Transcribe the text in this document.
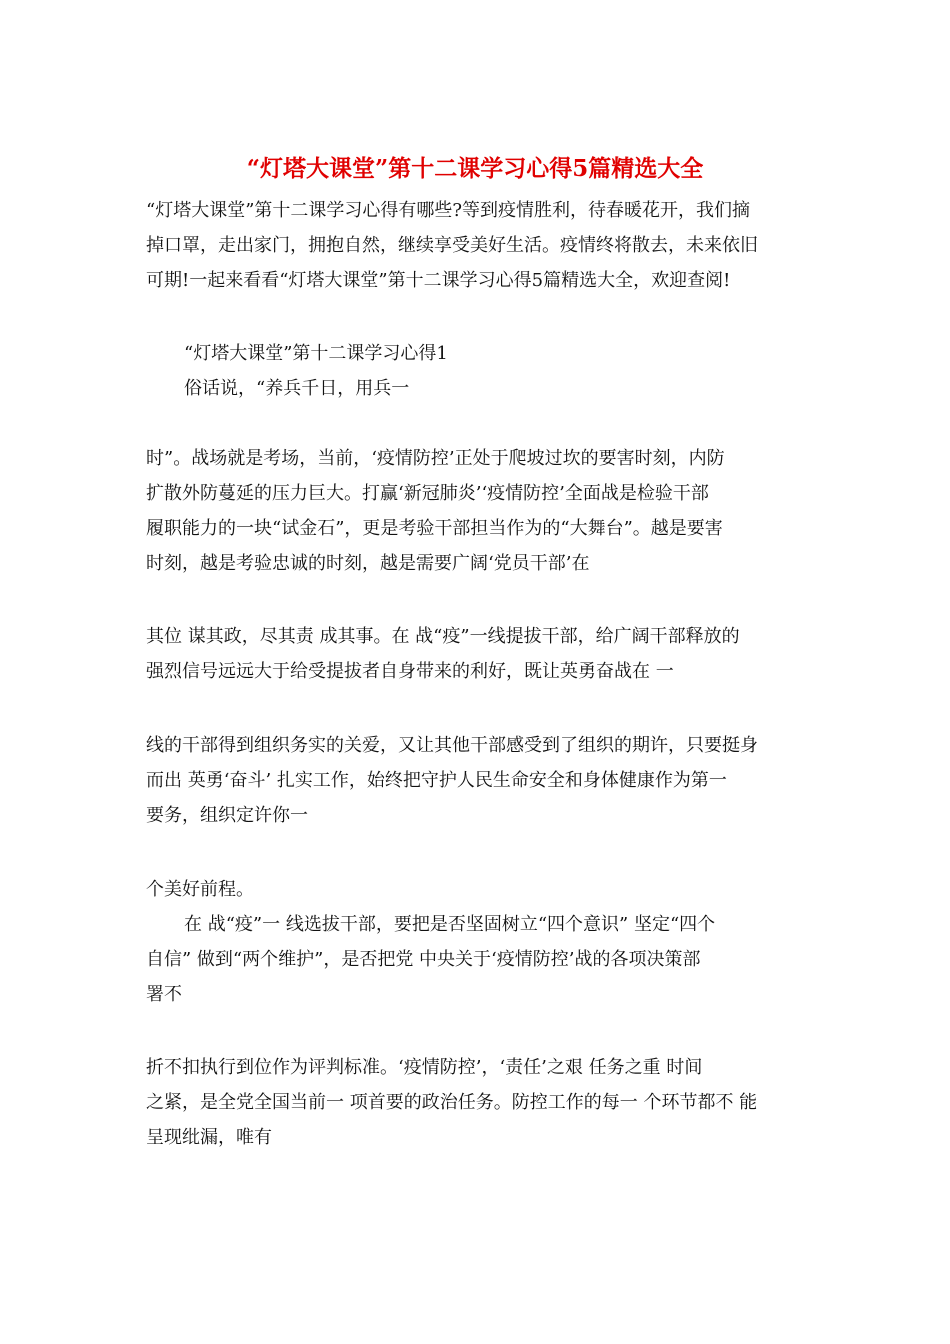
“灯塔大课堂”第十二课学习心得5篇精选大全
“灯塔大课堂”第十二课学习心得有哪些?等到疫情胜利，待春暖花开，我们摘
掉口罩，走出家门，拥抱自然，继续享受美好生活。疫情终将散去，未来依旧
可期!一起来看看“灯塔大课堂”第十二课学习心得5篇精选大全，欢迎查阅!
“灯塔大课堂”第十二课学习心得1
俗话说，“养兵千日，用兵一
时”。战场就是考场，当前，‘疫情防控’正处于爬坡过坎的要害时刻，内防
扩散外防蔓延的压力巨大。打赢‘新冠肺炎’‘疫情防控’全面战是检验干部
履职能力的一块“试金石”，更是考验干部担当作为的“大舞台”。越是要害
时刻，越是考验忠诚的时刻，越是需要广阔‘党员干部’在
其位 谋其政，尽其责 成其事。在 战“疫”一线提拔干部，给广阔干部释放的
强烈信号远远大于给受提拔者自身带来的利好，既让英勇奋战在 一
线的干部得到组织务实的关爱，又让其他干部感受到了组织的期许，只要挺身
而出 英勇‘奋斗’ 扎实工作，始终把守护人民生命安全和身体健康作为第一
要务，组织定许你一
个美好前程。
在 战“疫”一 线选拔干部，要把是否坚固树立“四个意识” 坚定“四个
自信” 做到“两个维护”，是否把党 中央关于‘疫情防控’战的各项决策部
署不
折不扣执行到位作为评判标准。‘疫情防控’，‘责任’之艰 任务之重 时间
之紧，是全党全国当前一 项首要的政治任务。防控工作的每一 个环节都不 能
呈现纰漏，唯有
